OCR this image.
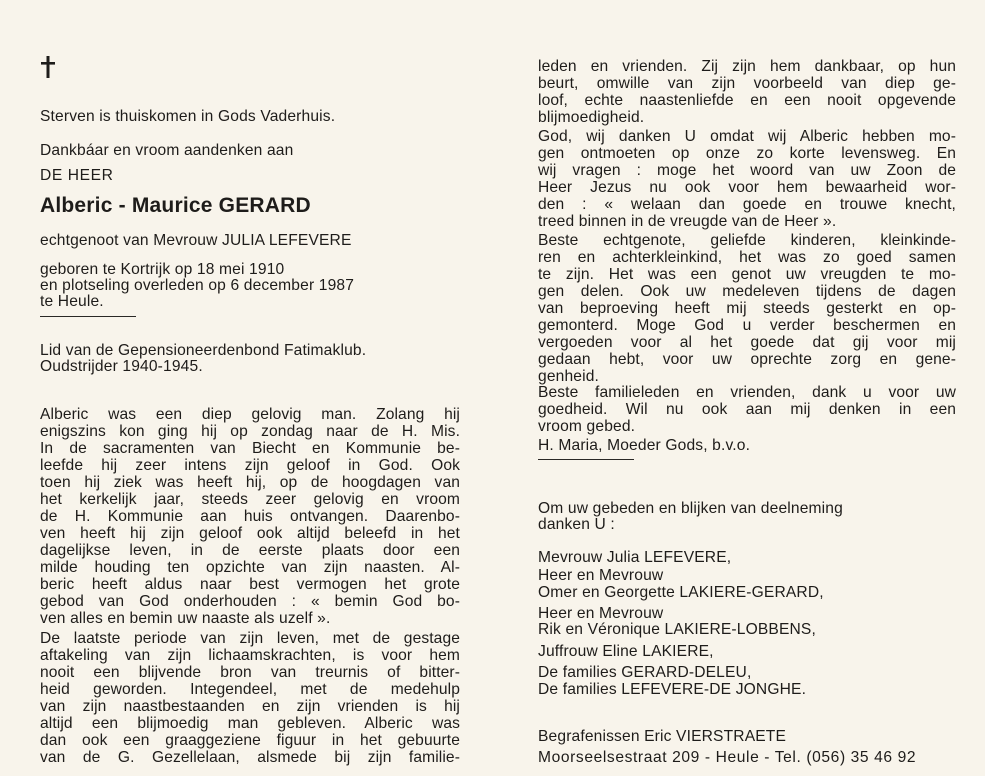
Sterven is thuiskomen in Gods Vaderhuis.
Dankbáar en vroom aandenken aan
DE HEER
Alberic - Maurice GERARD
echtgenoot van Mevrouw JULIA LEFEVERE
geboren te Kortrijk op 18 mei 1910
en plotseling overleden op 6 december 1987
te Heule.
Lid van de Gepensioneerdenbond Fatimaklub.
Oudstrijder 1940-1945.
Alberic was een diep gelovig man. Zolang hij
enigszins kon ging hij op zondag naar de H. Mis.
In de sacramenten van Biecht en Kommunie be-
leefde hij zeer intens zijn geloof in God. Ook
toen hij ziek was heeft hij, op de hoogdagen van
het kerkelijk jaar, steeds zeer gelovig en vroom
de H. Kommunie aan huis ontvangen. Daarenbo-
ven heeft hij zijn geloof ook altijd beleefd in het
dagelijkse leven, in de eerste plaats door een
milde houding ten opzichte van zijn naasten. Al-
beric heeft aldus naar best vermogen het grote
gebod van God onderhouden : « bemin God bo-
ven alles en bemin uw naaste als uzelf ».
De laatste periode van zijn leven, met de gestage
aftakeling van zijn lichaamskrachten, is voor hem
nooit een blijvende bron van treurnis of bitter-
heid geworden. Integendeel, met de medehulp
van zijn naastbestaanden en zijn vrienden is hij
altijd een blijmoedig man gebleven. Alberic was
dan ook een graaggeziene figuur in het gebuurte
van de G. Gezellelaan, alsmede bij zijn familie-
leden en vrienden. Zij zijn hem dankbaar, op hun
beurt, omwille van zijn voorbeeld van diep ge-
loof, echte naastenliefde en een nooit opgevende
blijmoedigheid.
God, wij danken U omdat wij Alberic hebben mo-
gen ontmoeten op onze zo korte levensweg. En
wij vragen : moge het woord van uw Zoon de
Heer Jezus nu ook voor hem bewaarheid wor-
den : « welaan dan goede en trouwe knecht,
treed binnen in de vreugde van de Heer ».
Beste echtgenote, geliefde kinderen, kleinkinde-
ren en achterkleinkind, het was zo goed samen
te zijn. Het was een genot uw vreugden te mo-
gen delen. Ook uw medeleven tijdens de dagen
van beproeving heeft mij steeds gesterkt en op-
gemonterd. Moge God u verder beschermen en
vergoeden voor al het goede dat gij voor mij
gedaan hebt, voor uw oprechte zorg en gene-
genheid.
Beste familieleden en vrienden, dank u voor uw
goedheid. Wil nu ook aan mij denken in een
vroom gebed.
H. Maria, Moeder Gods, b.v.o.
Om uw gebeden en blijken van deelneming
danken U :
Mevrouw Julia LEFEVERE,
Heer en Mevrouw
Omer en Georgette LAKIERE-GERARD,
Heer en Mevrouw
Rik en Véronique LAKIERE-LOBBENS,
Juffrouw Eline LAKIERE,
De families GERARD-DELEU,
De families LEFEVERE-DE JONGHE.
Begrafenissen Eric VIERSTRAETE
Moorseelsestraat 209 - Heule - Tel. (056) 35 46 92
